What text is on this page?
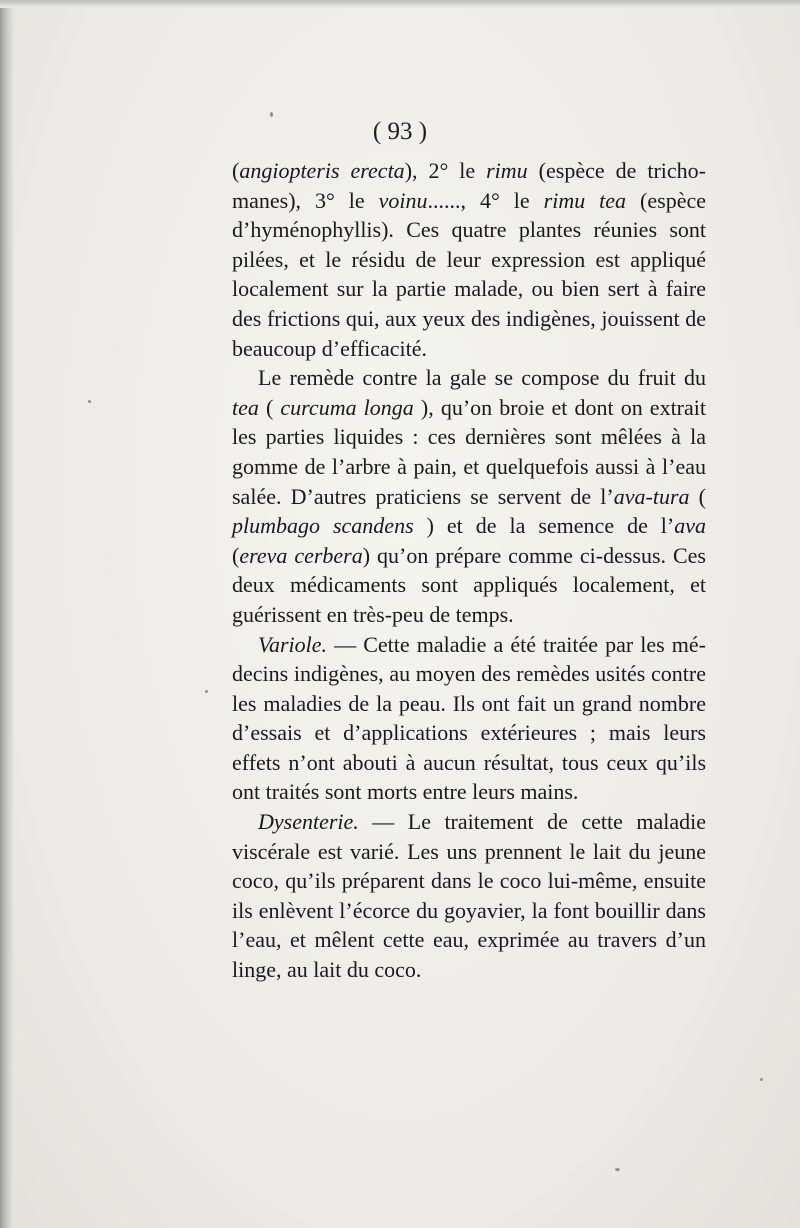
( 93 )

(angiopteris erecta), 2° le rimu (espèce de tricho-manes), 3° le voinu......, 4° le rimu tea (espèce d’hyménophyllis). Ces quatre plantes réunies sont pilées, et le résidu de leur expression est appliqué localement sur la partie malade, ou bien sert à faire des frictions qui, aux yeux des indigènes, jouissent de beaucoup d’efficacité.

Le remède contre la gale se compose du fruit du tea ( curcuma longa ), qu’on broie et dont on extrait les parties liquides : ces dernières sont mêlées à la gomme de l’arbre à pain, et quelquefois aussi à l’eau salée. D’autres praticiens se servent de l’ava-tura ( plumbago scandens ) et de la semence de l’ava (ereva cerbera) qu’on prépare comme ci-dessus. Ces deux médicaments sont appliqués localement, et guérissent en très-peu de temps.

Variole. — Cette maladie a été traitée par les mé-decins indigènes, au moyen des remèdes usités contre les maladies de la peau. Ils ont fait un grand nombre d’essais et d’applications extérieures ; mais leurs effets n’ont abouti à aucun résultat, tous ceux qu’ils ont traités sont morts entre leurs mains.

Dysenterie. — Le traitement de cette maladie viscérale est varié. Les uns prennent le lait du jeune coco, qu’ils préparent dans le coco lui-même, ensuite ils enlèvent l’écorce du goyavier, la font bouillir dans l’eau, et mêlent cette eau, exprimée au travers d’un linge, au lait du coco.
